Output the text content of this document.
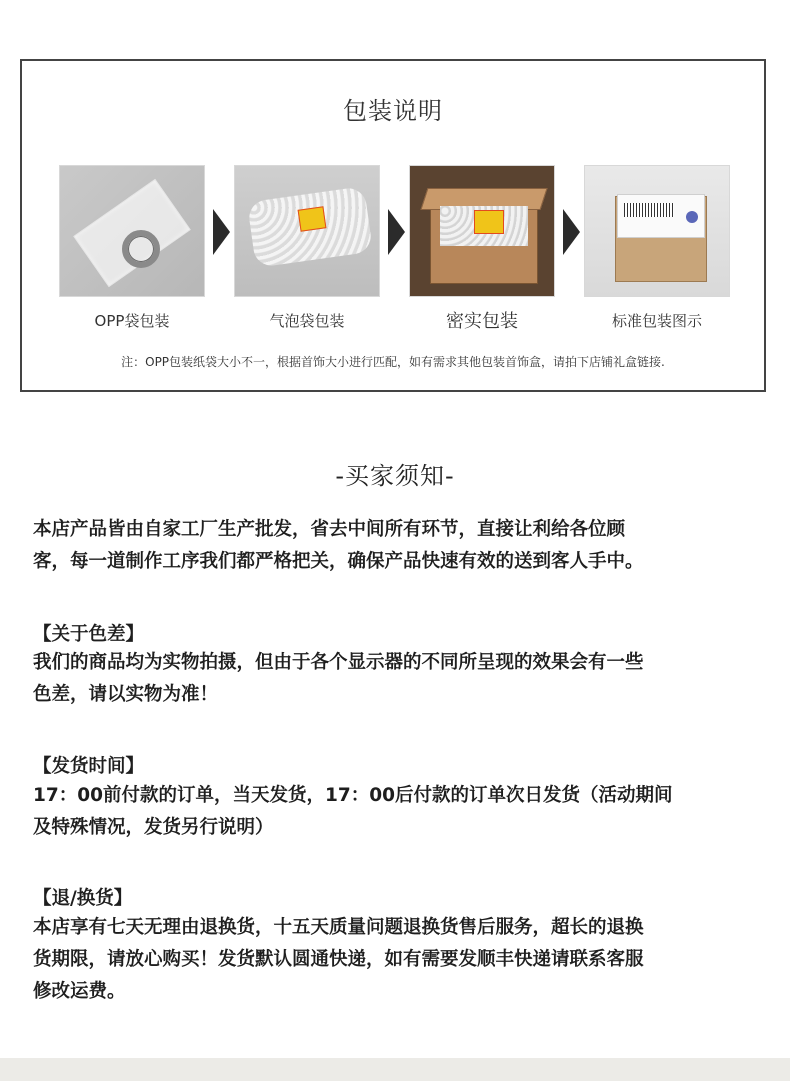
包装说明
OPP袋包装	气泡袋包装	密实包装	标准包装图示
注：OPP包装纸袋大小不一，根据首饰大小进行匹配，如有需求其他包装首饰盒，请拍下店铺礼盒链接.
-买家须知-
本店产品皆由自家工厂生产批发，省去中间所有环节，直接让利给各位顾
客，每一道制作工序我们都严格把关，确保产品快速有效的送到客人手中。
【关于色差】
我们的商品均为实物拍摄，但由于各个显示器的不同所呈现的效果会有一些
色差，请以实物为准！
【发货时间】
17：00前付款的订单，当天发货，17：00后付款的订单次日发货（活动期间
及特殊情况，发货另行说明）
【退/换货】
本店享有七天无理由退换货，十五天质量问题退换货售后服务，超长的退换
货期限，请放心购买！发货默认圆通快递，如有需要发顺丰快递请联系客服
修改运费。
